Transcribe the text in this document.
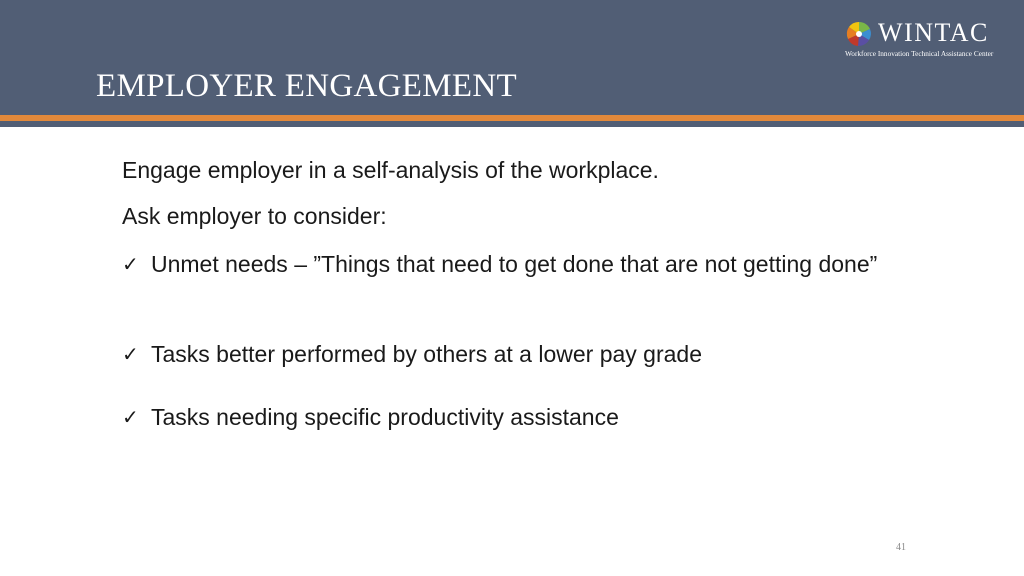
EMPLOYER ENGAGEMENT
WINTAC
Workforce Innovation Technical Assistance Center
Engage employer in a self-analysis of the workplace.
Ask employer to consider:
✓ Unmet needs – ”Things that need to get done that are not getting done”
✓ Tasks better performed by others at a lower pay grade
✓ Tasks needing specific productivity assistance
41
